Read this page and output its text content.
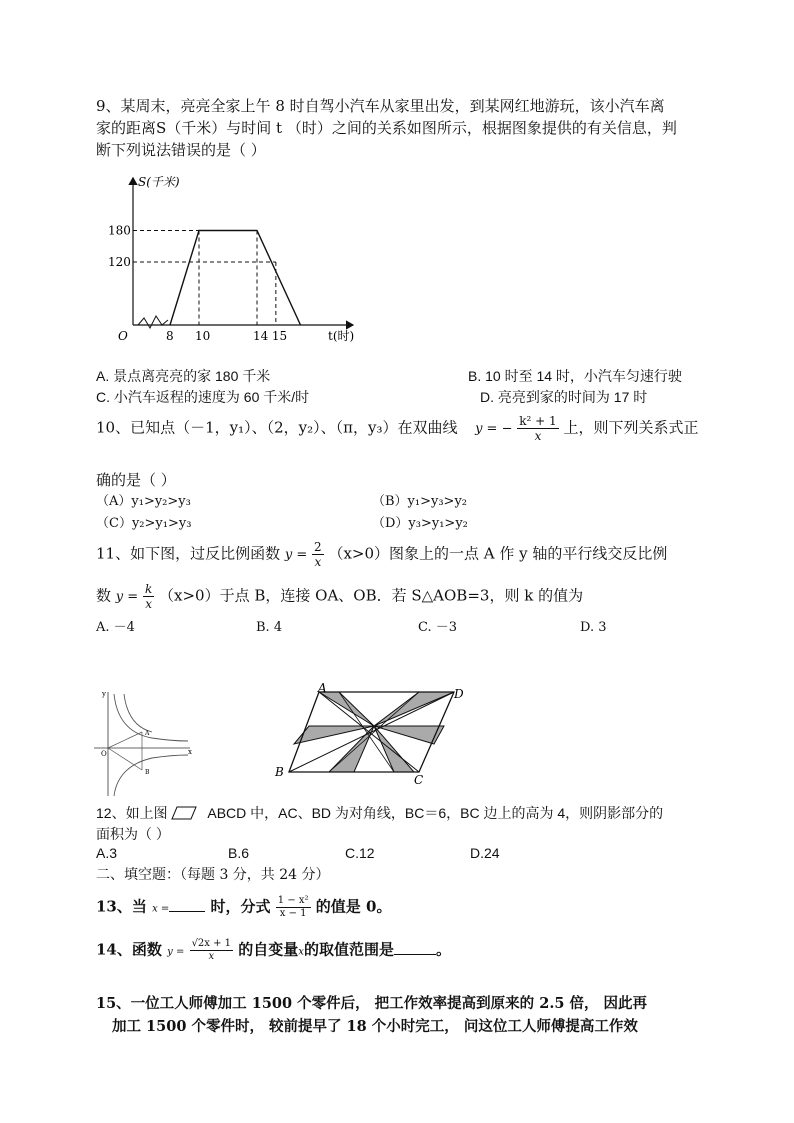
9、某周末，亮亮全家上午 8 时自驾小汽车从家里出发，到某网红地游玩，该小汽车离
家的距离S（千米）与时间 t （时）之间的关系如图所示，根据图象提供的有关信息，判
断下列说法错误的是（ ）
120
180
8 10	14 15
S(千米)
t(时)
O
A. 景点离亮亮的家 180 千米	B. 10 时至 14 时，小汽车匀速行驶
C. 小汽车返程的速度为 60 千米/时	D. 亮亮到家的时间为 17 时
10、已知点（－1，y₁）、（2，y₂）、（π，y₃）在双曲线 y = − $\frac{\text{k² + 1}}{x}$ 上，则下列关系式正
确的是（ ）
（A）y₁>y₂>y₃	（B）y₁>y₃>y₂
（C）y₂>y₁>y₃	（D）y₃>y₁>y₂
11、如下图，过反比例函数 $y = \frac{2}{x} (x>0)$图象上的一点 A 作 y 轴的平行线交反比例
数 $y = \frac{k}{x} (x>0)$于点 B，连接 OA、OB．若 S△AOB=3，则 k 的值为
A. －4	B. 4	C. －3	D. 3
y
x
O
A
B
A	D
B
C
12、如上图	ABCD 中，AC、BD 为对角线，BC＝6，BC 边上的高为 4，则阴影部分的
面积为（ ）
A.3	B.6	C.12	D.24
二、填空题：（每题 3 分，共 24 分）
13、当 x =	时，分式 $\frac{\text{1 − x²}}{x - 1}$ 的值是 0。
14、函数 $y = \frac{√2x + 1}{x}$ 的自变量x的取值范围是	。
15、一位工人师傅加工 1500 个零件后， 把工作效率提高到原来的 2.5 倍， 因此再
加工 1500 个零件时， 较前提早了 18 个小时完工， 问这位工人师傅提高工作效
